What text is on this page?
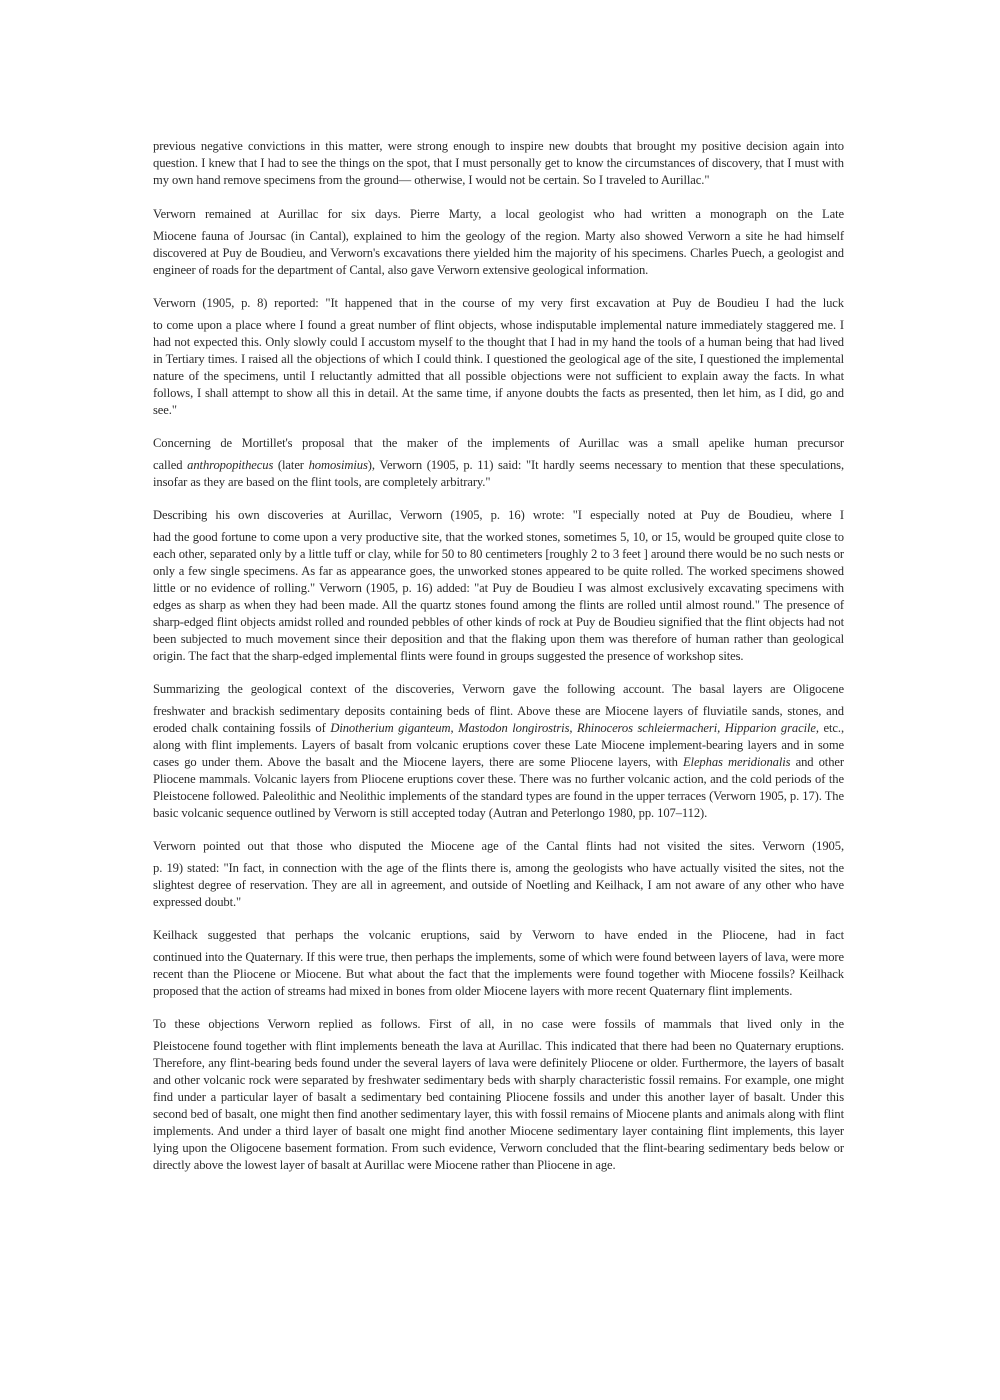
previous negative convictions in this matter, were strong enough to inspire new doubts that brought my positive decision again into question. I knew that I had to see the things on the spot, that I must personally get to know the circumstances of discovery, that I must with my own hand remove specimens from the ground— otherwise, I would not be certain. So I traveled to Aurillac."

Verworn remained at Aurillac for six days. Pierre Marty, a local geologist who had written a monograph on the Late
Miocene fauna of Joursac (in Cantal), explained to him the geology of the region. Marty also showed Verworn a site he had himself discovered at Puy de Boudieu, and Verworn's excavations there yielded him the majority of his specimens. Charles Puech, a geologist and engineer of roads for the department of Cantal, also gave Verworn extensive geological information.

Verworn (1905, p. 8) reported: "It happened that in the course of my very first excavation at Puy de Boudieu I had the luck
to come upon a place where I found a great number of flint objects, whose indisputable implemental nature immediately staggered me. I had not expected this. Only slowly could I accustom myself to the thought that I had in my hand the tools of a human being that had lived in Tertiary times. I raised all the objections of which I could think. I questioned the geological age of the site, I questioned the implemental nature of the specimens, until I reluctantly admitted that all possible objections were not sufficient to explain away the facts. In what follows, I shall attempt to show all this in detail. At the same time, if anyone doubts the facts as presented, then let him, as I did, go and see."

Concerning de Mortillet's proposal that the maker of the implements of Aurillac was a small apelike human precursor
called anthropopithecus (later homosimius), Verworn (1905, p. 11) said: "It hardly seems necessary to mention that these speculations, insofar as they are based on the flint tools, are completely arbitrary."

Describing his own discoveries at Aurillac, Verworn (1905, p. 16) wrote: "I especially noted at Puy de Boudieu, where I
had the good fortune to come upon a very productive site, that the worked stones, sometimes 5, 10, or 15, would be grouped quite close to each other, separated only by a little tuff or clay, while for 50 to 80 centimeters [roughly 2 to 3 feet ] around there would be no such nests or only a few single specimens. As far as appearance goes, the unworked stones appeared to be quite rolled. The worked specimens showed little or no evidence of rolling." Verworn (1905, p. 16) added: "at Puy de Boudieu I was almost exclusively excavating specimens with edges as sharp as when they had been made. All the quartz stones found among the flints are rolled until almost round." The presence of sharp-edged flint objects amidst rolled and rounded pebbles of other kinds of rock at Puy de Boudieu signified that the flint objects had not been subjected to much movement since their deposition and that the flaking upon them was therefore of human rather than geological origin. The fact that the sharp-edged implemental flints were found in groups suggested the presence of workshop sites.

Summarizing the geological context of the discoveries, Verworn gave the following account. The basal layers are Oligocene
freshwater and brackish sedimentary deposits containing beds of flint. Above these are Miocene layers of fluviatile sands, stones, and eroded chalk containing fossils of Dinotherium giganteum, Mastodon longirostris, Rhinoceros schleiermacheri, Hipparion gracile, etc., along with flint implements. Layers of basalt from volcanic eruptions cover these Late Miocene implement-bearing layers and in some cases go under them. Above the basalt and the Miocene layers, there are some Pliocene layers, with Elephas meridionalis and other Pliocene mammals. Volcanic layers from Pliocene eruptions cover these. There was no further volcanic action, and the cold periods of the Pleistocene followed. Paleolithic and Neolithic implements of the standard types are found in the upper terraces (Verworn 1905, p. 17). The basic volcanic sequence outlined by Verworn is still accepted today (Autran and Peterlongo 1980, pp. 107–112).

Verworn pointed out that those who disputed the Miocene age of the Cantal flints had not visited the sites. Verworn (1905,
p. 19) stated: "In fact, in connection with the age of the flints there is, among the geologists who have actually visited the sites, not the slightest degree of reservation. They are all in agreement, and outside of Noetling and Keilhack, I am not aware of any other who have expressed doubt."

Keilhack suggested that perhaps the volcanic eruptions, said by Verworn to have ended in the Pliocene, had in fact
continued into the Quaternary. If this were true, then perhaps the implements, some of which were found between layers of lava, were more recent than the Pliocene or Miocene. But what about the fact that the implements were found together with Miocene fossils? Keilhack proposed that the action of streams had mixed in bones from older Miocene layers with more recent Quaternary flint implements.

To these objections Verworn replied as follows. First of all, in no case were fossils of mammals that lived only in the
Pleistocene found together with flint implements beneath the lava at Aurillac. This indicated that there had been no Quaternary eruptions. Therefore, any flint-bearing beds found under the several layers of lava were definitely Pliocene or older. Furthermore, the layers of basalt and other volcanic rock were separated by freshwater sedimentary beds with sharply characteristic fossil remains. For example, one might find under a particular layer of basalt a sedimentary bed containing Pliocene fossils and under this another layer of basalt. Under this second bed of basalt, one might then find another sedimentary layer, this with fossil remains of Miocene plants and animals along with flint implements. And under a third layer of basalt one might find another Miocene sedimentary layer containing flint implements, this layer lying upon the Oligocene basement formation. From such evidence, Verworn concluded that the flint-bearing sedimentary beds below or directly above the lowest layer of basalt at Aurillac were Miocene rather than Pliocene in age.
